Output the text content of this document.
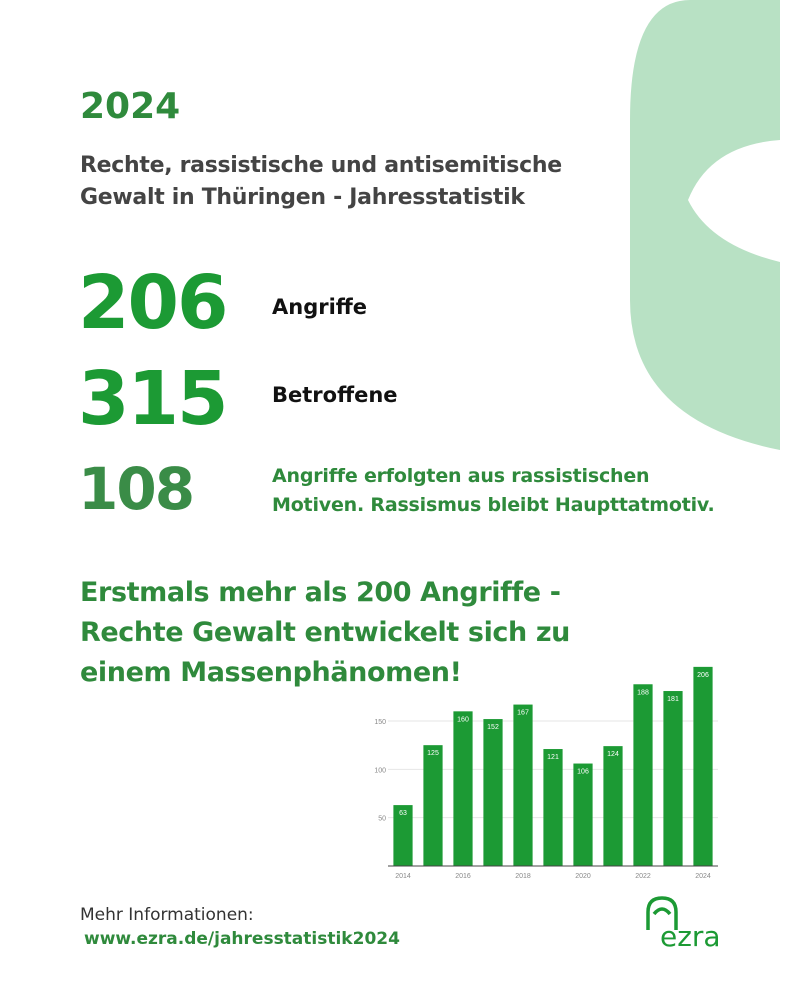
2024
Rechte, rassistische und antisemitische Gewalt in Thüringen - Jahresstatistik
206 Angriffe
315 Betroffene
108	Angriffe erfolgten aus rassistischen Motiven. Rassismus bleibt Haupttatmotiv.
Erstmals mehr als 200 Angriffe - Rechte Gewalt entwickelt sich zu einem Massenphänomen!
50
100
150
63
125
160
152
167
121
106
124
188
181
206
2014	2016	2018	2020	2022	2024
Mehr Informationen:
www.ezra.de/jahresstatistik2024	ezra
